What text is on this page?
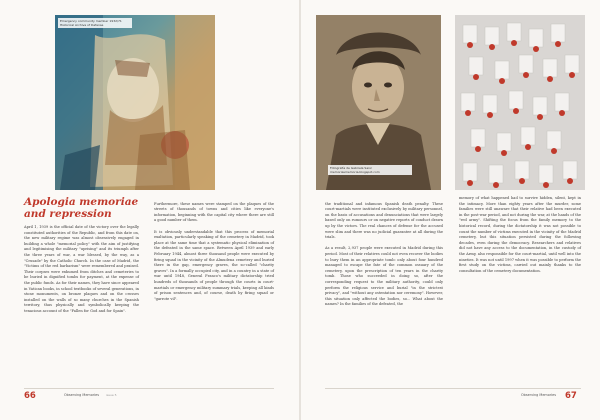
Emergency community member 1932/71
Historical Archive of Defense
Apologia memoriae and repression

April 1, 1939 is the official date of the victory over the legally constituted authorities of the Republic, and from this date on, the new military regime was almost obsessively engaged in building a whole "memorial policy" with the aim of justifying and legitimising the military "uprising" and its triumph after the three years of war, a war blessed, by the way, as a "Crusade" by the Catholic Church. In the case of Madrid, the "Victims of the red barbarism" were remembered and praised. Their corpses were exhumed from ditches and cemeteries to be buried in dignified tombs for payment, at the expense of the public funds. As for their names, they have since appeared in Vatican books, in school textbooks of several generations, in stone monuments, on bronze plaques and on the crosses installed on the walls of so many churches in the Spanish territory, thus physically and symbolically keeping the tenacious account of the "Fallen for God and for Spain".

Furthermore, these names were stamped on the plaques of the streets of thousands of towns and cities like everyone's information, beginning with the capital city where there are still a good number of them.

It is obviously understandable that this process of memorial exaltation, particularly speaking of the cemetery in Madrid, took place at the same time that a systematic physical elimination of the defeated in the same space. Between April 1939 and early February 1944, almost three thousand people were executed by firing squad in the vicinity of the Almudena cemetery and buried there in the gap, emergency graves, the so-called "charity graves". In a formally occupied city, and in a country in a state of war until 1948, General Franco's military dictatorship tried hundreds of thousands of people through the courts in court-martials or emergency military summary trials, keeping all kinds of prison sentences and, of course, death by firing squad or "garrote vil".

66	Observing Memories issue 5
Fotografía de Gabriela Sanz
memoriasmemoria.blogspot.com

the traditional and infamous Spanish death penalty. These court-martials were instituted exclusively by military personnel, on the basis of accusations and denunciations that were largely based only on rumours or on negative reports of conduct drawn up by the victors. The real chances of defense for the accused were slim and there was no judicial guarantee at all during the trials.

As a result, 2,937 people were executed in Madrid during this period. Most of their relatives could not even recover the bodies to bury them in an appropriate tomb: only about four hundred managed to escape the fate of the common ossuary of the cemetery, upon the prescription of ten years in the charity tomb. Those who succeeded in doing so, after the corresponding request to the military authority, could only perform the religious service and burial "in the strictest privacy", and "without any ostentation nor ceremony". However, this situation only affected the bodies, so... What about the names? In the families of the defeated, the

memory of what happened had to survive hidden, silent, kept in the intimacy. More than eighty years after the murder, some families were still unaware that their relative had been executed in the post-war period, and not during the war, at the hands of the "red army". Shifting the focus from the family memory to the historical record, during the dictatorship it was not possible to count the number of victims executed in the vicinity of the Madrid cemetery, but this situation persisted during the following decades, even during the democracy. Researchers and relatives did not have any access to the documentation, in the custody of the Army, also responsible for the court-martial, until well into the nineties. It was not until 1997 when it was possible to perform the first study on the victims, carried out mainly thanks to the consultation of the cemetery documentation.

Observing Memories 67
